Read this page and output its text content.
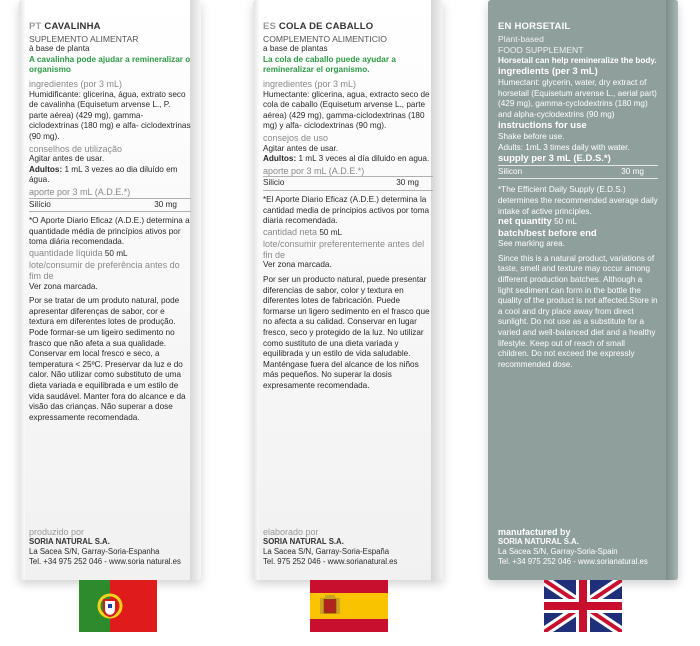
PT CAVALINHA
SUPLEMENTO ALIMENTAR
à base de planta
A cavalinha pode ajudar a remineralizar o organismo
ingredientes (por 3 mL)
Humidificante: glicerina, água, extrato seco de cavalinha (Equisetum arvense L., P. parte aérea) (429 mg), gamma-ciclodextrinas (180 mg) e alfa- ciclodextrinas (90 mg).
conselhos de utilização
Agitar antes de usar.
Adultos: 1 mL 3 vezes ao dia diluído em água.
aporte por 3 mL (A.D.E.*)
Silício	30 mg
*O Aporte Diario Eficaz (A.D.E.) determina a quantidade média de princípios ativos por toma diária recomendada.
quantidade líquida 50 mL
lote/consumir de preferência antes do fim de
Ver zona marcada.
Por se tratar de um produto natural, pode apresentar diferenças de sabor, cor e textura em diferentes lotes de produção. Pode formar-se um ligeiro sedimento no frasco que não afeta a sua qualidade. Conservar em local fresco e seco, a temperatura < 25ºC. Preservar da luz e do calor. Não utilizar como substituto de uma dieta variada e equilibrada e um estilo de vida saudável. Manter fora do alcance e da visão das crianças. Não superar a dose expressamente recomendada.
produzido por
SORIA NATURAL S.A.
La Sacea S/N, Garray-Soria-Espanha
Tel. +34 975 252 046 - www.soria natural.es
ES COLA DE CABALLO
COMPLEMENTO ALIMENTICIO
a base de plantas
La cola de caballo puede ayudar a remineralizar el organismo.
ingredientes (por 3 mL)
Humectante: glicerina, agua, extracto seco de cola de caballo (Equisetum arvense L., parte aérea) (429 mg), gamma-ciclodextrinas (180 mg) y alfa- ciclodextrinas (90 mg).
consejos de uso
Agitar antes de usar.
Adultos: 1 mL 3 veces al día diluido en agua.
aporte por 3 mL (A.D.E.*)
Silicio	30 mg
*El Aporte Diario Eficaz (A.D.E.) determina la cantidad media de principios activos por toma diaria recomendada.
cantidad neta 50 mL
lote/consumir preferentemente antes del fin de
Ver zona marcada.
Por ser un producto natural, puede presentar diferencias de sabor, color y textura en diferentes lotes de fabricación. Puede formarse un ligero sedimento en el frasco que no afecta a su calidad. Conservar en lugar fresco, seco y protegido de la luz. No utilizar como sustituto de una dieta variada y equilibrada y un estilo de vida saludable. Manténgase fuera del alcance de los niños más pequeños. No superar la dosis expresamente recomendada.
elaborado por
SORIA NATURAL S.A.
La Sacea S/N, Garray-Soria-España
Tel. 975 252 046 - www.sorianatural.es
EN HORSETAIL
Plant-based
FOOD SUPPLEMENT
Horsetail can help remineralize the body.
ingredients (per 3 mL)
Humectant: glycerin, water, dry extract of horsetail (Equisetum arvense L., aerial part) (429 mg), gamma-cyclodextrins (180 mg) and alpha-cyclodextrins (90 mg)
instructions for use
Shake before use.
Adults: 1mL 3 times daily with water.
supply per 3 mL (E.D.S.*)
Silicon	30 mg
*The Efficient Daily Supply (E.D.S.) determines the recommended average daily intake of active principles.
net quantity 50 mL
batch/best before end
See marking area.
Since this is a natural product, variations of taste, smell and texture may occur among different production batches. Although a light sediment can form in the bottle the quality of the product is not affected.Store in a cool and dry place away from direct sunlight. Do not use as a substitute for a varied and well-balanced diet and a healthy lifestyle. Keep out of reach of small children. Do not exceed the expressly recommended dose.
manufactured by
SORIA NATURAL S.A.
La Sacea S/N, Garray-Soria-Spain
Tel. +34 975 252 046 - www.sorianatural.es
